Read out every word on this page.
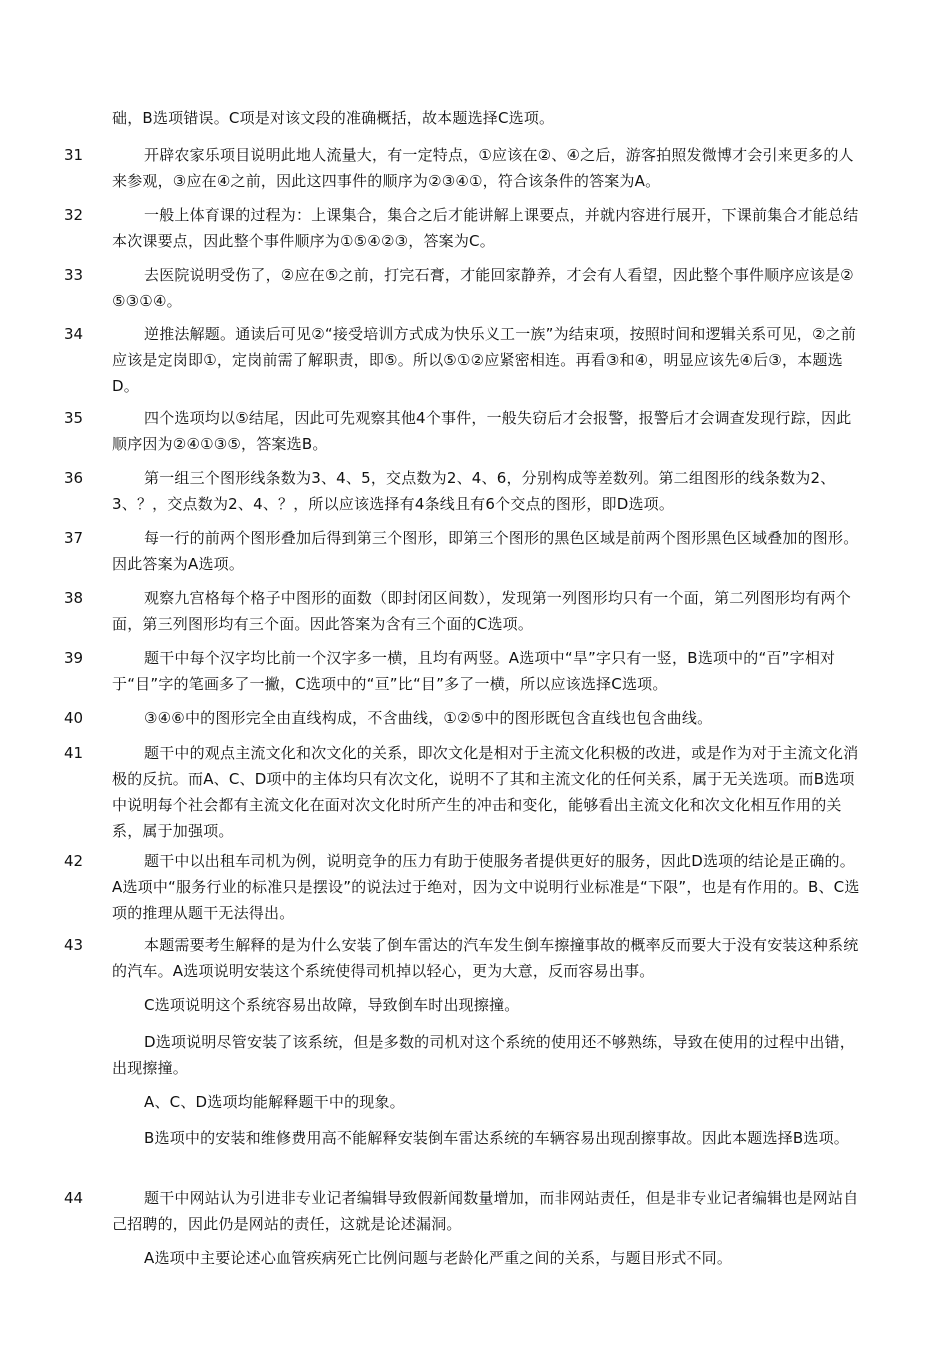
础，B选项错误。C项是对该文段的准确概括，故本题选择C选项。
31	开辟农家乐项目说明此地人流量大，有一定特点，①应该在②、④之后，游客拍照发微博才会引来更多的人来参观，③应在④之前，因此这四事件的顺序为②③④①，符合该条件的答案为A。
32	一般上体育课的过程为：上课集合，集合之后才能讲解上课要点，并就内容进行展开，下课前集合才能总结本次课要点，因此整个事件顺序为①⑤④②③，答案为C。
33	去医院说明受伤了，②应在⑤之前，打完石膏，才能回家静养，才会有人看望，因此整个事件顺序应该是②⑤③①④。
34	逆推法解题。通读后可见②“接受培训方式成为快乐义工一族”为结束项，按照时间和逻辑关系可见，②之前应该是定岗即①，定岗前需了解职责，即⑤。所以⑤①②应紧密相连。再看③和④，明显应该先④后③，本题选D。
35	四个选项均以⑤结尾，因此可先观察其他4个事件，一般失窃后才会报警，报警后才会调查发现行踪，因此顺序因为②④①③⑤，答案选B。
36	第一组三个图形线条数为3、4、5，交点数为2、4、6，分别构成等差数列。第二组图形的线条数为2、3、？，交点数为2、4、？，所以应该选择有4条线且有6个交点的图形，即D选项。
37	每一行的前两个图形叠加后得到第三个图形，即第三个图形的黑色区域是前两个图形黑色区域叠加的图形。因此答案为A选项。
38	观察九宫格每个格子中图形的面数（即封闭区间数），发现第一列图形均只有一个面，第二列图形均有两个面，第三列图形均有三个面。因此答案为含有三个面的C选项。
39	题干中每个汉字均比前一个汉字多一横，且均有两竖。A选项中“旱”字只有一竖，B选项中的“百”字相对于“目”字的笔画多了一撇，C选项中的“亘”比“目”多了一横，所以应该选择C选项。
40	③④⑥中的图形完全由直线构成，不含曲线，①②⑤中的图形既包含直线也包含曲线。
41	题干中的观点主流文化和次文化的关系，即次文化是相对于主流文化积极的改进，或是作为对于主流文化消极的反抗。而A、C、D项中的主体均只有次文化，说明不了其和主流文化的任何关系，属于无关选项。而B选项中说明每个社会都有主流文化在面对次文化时所产生的冲击和变化，能够看出主流文化和次文化相互作用的关系，属于加强项。
42	题干中以出租车司机为例，说明竞争的压力有助于使服务者提供更好的服务，因此D选项的结论是正确的。A选项中“服务行业的标准只是摆设”的说法过于绝对，因为文中说明行业标准是“下限”，也是有作用的。B、C选项的推理从题干无法得出。
43	本题需要考生解释的是为什么安装了倒车雷达的汽车发生倒车擦撞事故的概率反而要大于没有安装这种系统的汽车。A选项说明安装这个系统使得司机掉以轻心，更为大意，反而容易出事。
C选项说明这个系统容易出故障，导致倒车时出现擦撞。
D选项说明尽管安装了该系统，但是多数的司机对这个系统的使用还不够熟练，导致在使用的过程中出错，出现擦撞。
A、C、D选项均能解释题干中的现象。
B选项中的安装和维修费用高不能解释安装倒车雷达系统的车辆容易出现刮擦事故。因此本题选择B选项。
44	题干中网站认为引进非专业记者编辑导致假新闻数量增加，而非网站责任，但是非专业记者编辑也是网站自己招聘的，因此仍是网站的责任，这就是论述漏洞。
A选项中主要论述心血管疾病死亡比例问题与老龄化严重之间的关系，与题目形式不同。
